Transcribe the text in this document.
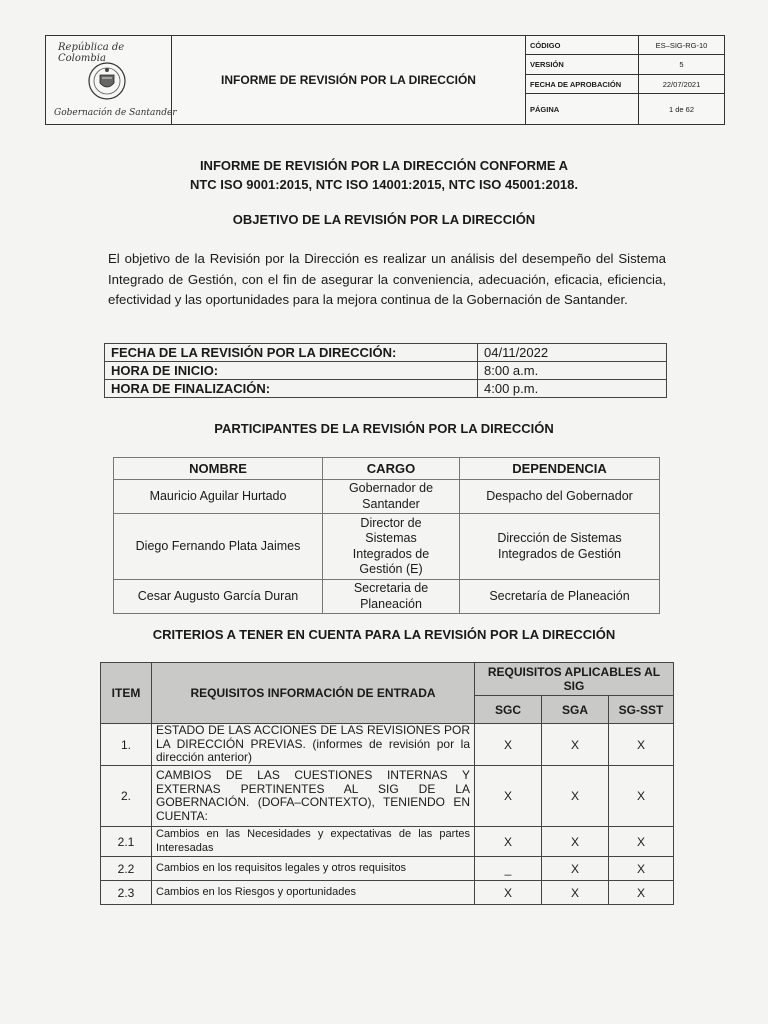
República de Colombia
Gobernación de Santander
INFORME DE REVISIÓN POR LA DIRECCIÓN
CÓDIGO	ES–SIG-RG-10
VERSIÓN	5
FECHA DE APROBACIÓN	22/07/2021
PÁGINA	1 de 62
INFORME DE REVISIÓN POR LA DIRECCIÓN CONFORME A
NTC ISO 9001:2015, NTC ISO 14001:2015, NTC ISO 45001:2018.
OBJETIVO DE LA REVISIÓN POR LA DIRECCIÓN
El objetivo de la Revisión por la Dirección es realizar un análisis del desempeño del Sistema Integrado de Gestión, con el fin de asegurar la conveniencia, adecuación, eficacia, eficiencia, efectividad y las oportunidades para la mejora continua de la Gobernación de Santander.
FECHA DE LA REVISIÓN POR LA DIRECCIÓN:	04/11/2022
HORA DE INICIO:	8:00 a.m.
HORA DE FINALIZACIÓN:	4:00 p.m.
PARTICIPANTES DE LA REVISIÓN POR LA DIRECCIÓN
NOMBRE	CARGO	DEPENDENCIA
Mauricio Aguilar Hurtado	Gobernador de Santander	Despacho del Gobernador
Diego Fernando Plata Jaimes	Director de Sistemas Integrados de Gestión (E)	Dirección de Sistemas Integrados de Gestión
Cesar Augusto García Duran	Secretaria de Planeación	Secretaría de Planeación
CRITERIOS A TENER EN CUENTA PARA LA REVISIÓN POR LA DIRECCIÓN
ITEM	REQUISITOS INFORMACIÓN DE ENTRADA	REQUISITOS APLICABLES AL SIG		
		SGC	SGA	SG-SST
1.	ESTADO DE LAS ACCIONES DE LAS REVISIONES POR LA DIRECCIÓN PREVIAS. (informes de revisión por la dirección anterior)	X	X	X
2.	CAMBIOS DE LAS CUESTIONES INTERNAS Y EXTERNAS PERTINENTES AL SIG DE LA GOBERNACIÓN. (DOFA–CONTEXTO), TENIENDO EN CUENTA:	X	X	X
2.1	Cambios en las Necesidades y expectativas de las partes Interesadas	X	X	X
2.2	Cambios en los requisitos legales y otros requisitos	_	X	X
2.3	Cambios en los Riesgos y oportunidades	X	X	X
